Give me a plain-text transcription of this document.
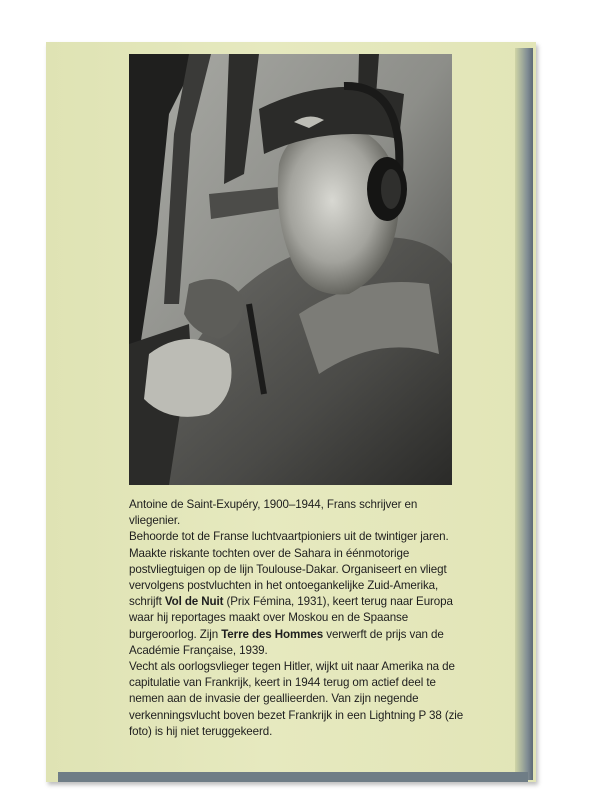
Antoine de Saint-Exupéry, 1900–1944, Frans schrijver en vliegenier.

Behoorde tot de Franse luchtvaartpioniers uit de twintiger jaren. Maakte riskante tochten over de Sahara in éénmotorige postvliegtuigen op de lijn Toulouse-Dakar. Organiseert en vliegt vervolgens postvluchten in het ontoegankelijke Zuid-Amerika, schrijft Vol de Nuit (Prix Fémina, 1931), keert terug naar Europa waar hij reportages maakt over Moskou en de Spaanse burgeroorlog. Zijn Terre des Hommes verwerft de prijs van de Académie Française, 1939.

Vecht als oorlogsvlieger tegen Hitler, wijkt uit naar Amerika na de capitulatie van Frankrijk, keert in 1944 terug om actief deel te nemen aan de invasie der geallieerden. Van zijn negende verkenningsvlucht boven bezet Frankrijk in een Lightning P 38 (zie foto) is hij niet teruggekeerd.
